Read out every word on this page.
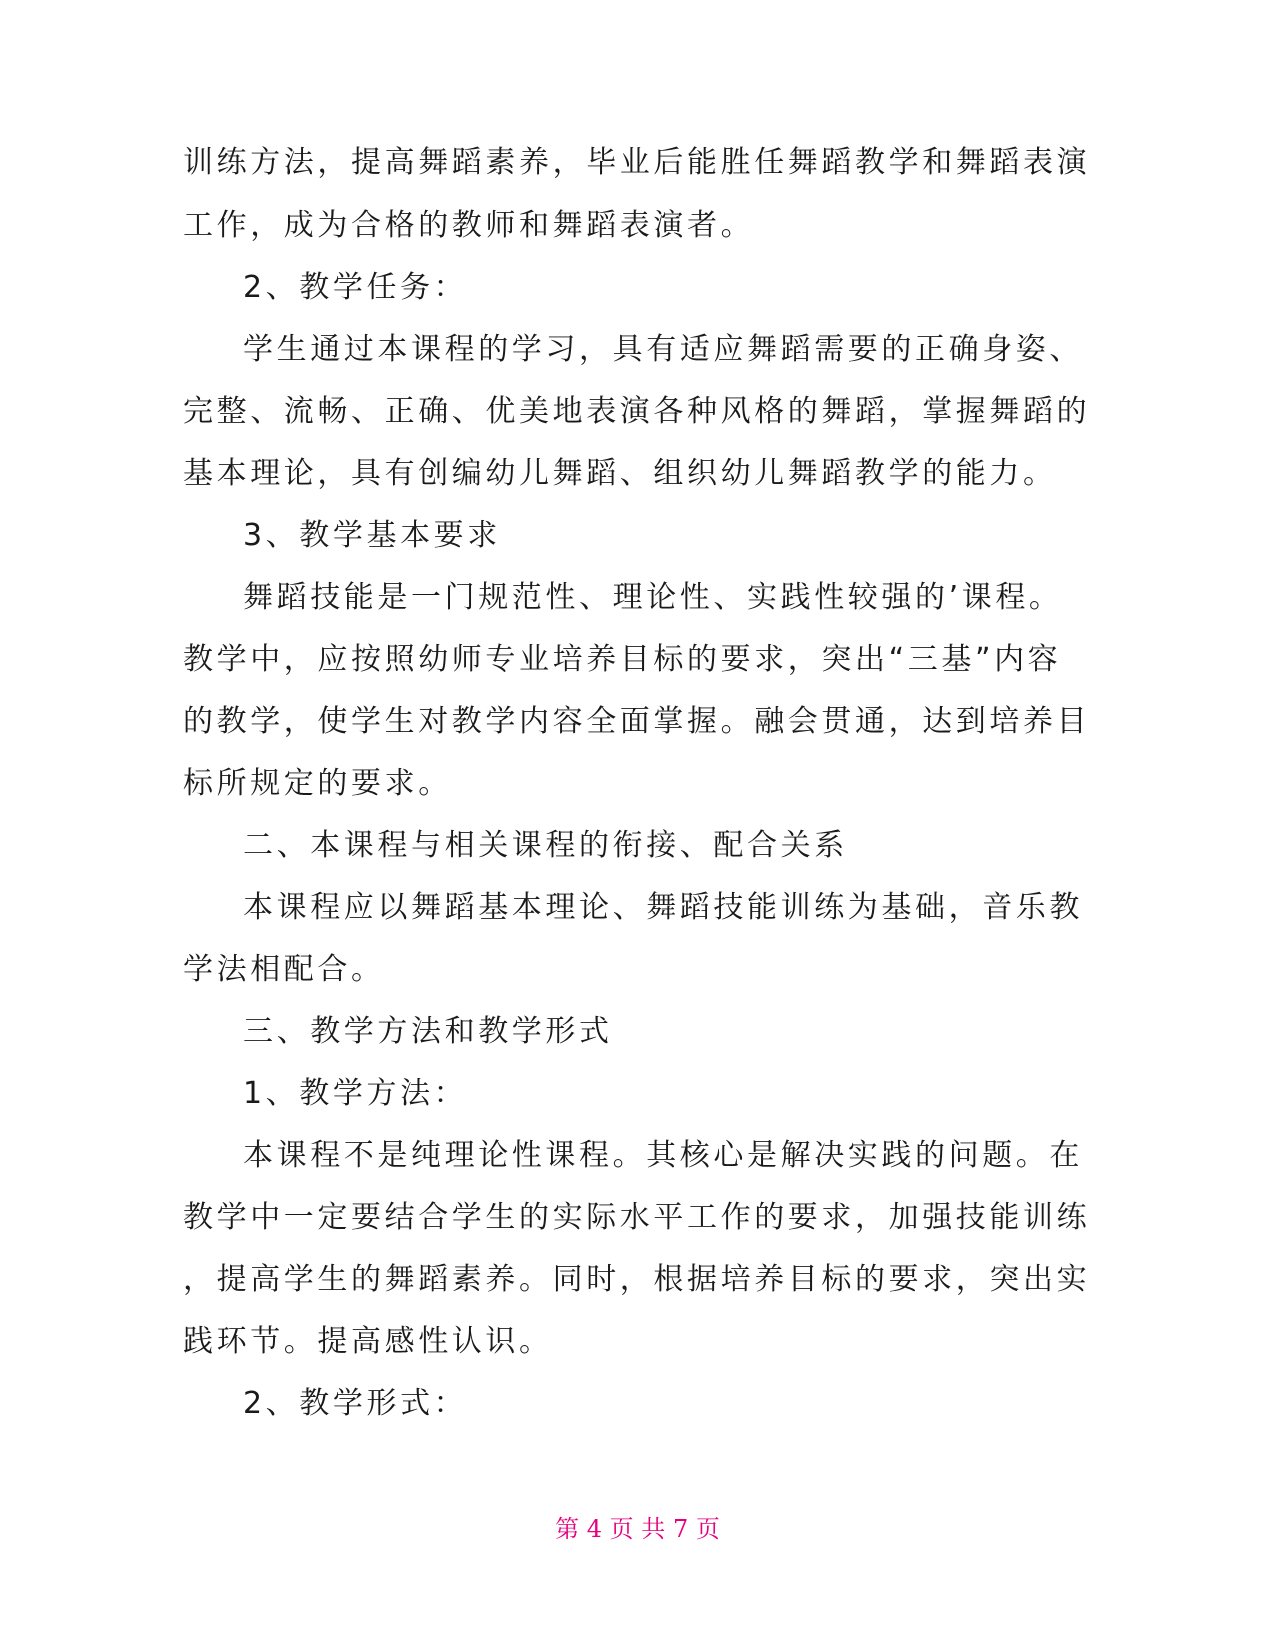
训练方法，提高舞蹈素养，毕业后能胜任舞蹈教学和舞蹈表演
工作，成为合格的教师和舞蹈表演者。
2、教学任务：
学生通过本课程的学习，具有适应舞蹈需要的正确身姿、
完整、流畅、正确、优美地表演各种风格的舞蹈，掌握舞蹈的
基本理论，具有创编幼儿舞蹈、组织幼儿舞蹈教学的能力。
3、教学基本要求
舞蹈技能是一门规范性、理论性、实践性较强的’课程。
教学中，应按照幼师专业培养目标的要求，突出“三基”内容
的教学，使学生对教学内容全面掌握。融会贯通，达到培养目
标所规定的要求。
二、本课程与相关课程的衔接、配合关系
本课程应以舞蹈基本理论、舞蹈技能训练为基础，音乐教
学法相配合。
三、教学方法和教学形式
1、教学方法：
本课程不是纯理论性课程。其核心是解决实践的问题。在
教学中一定要结合学生的实际水平工作的要求，加强技能训练
，提高学生的舞蹈素养。同时，根据培养目标的要求，突出实
践环节。提高感性认识。
2、教学形式：
第 4 页 共 7 页
